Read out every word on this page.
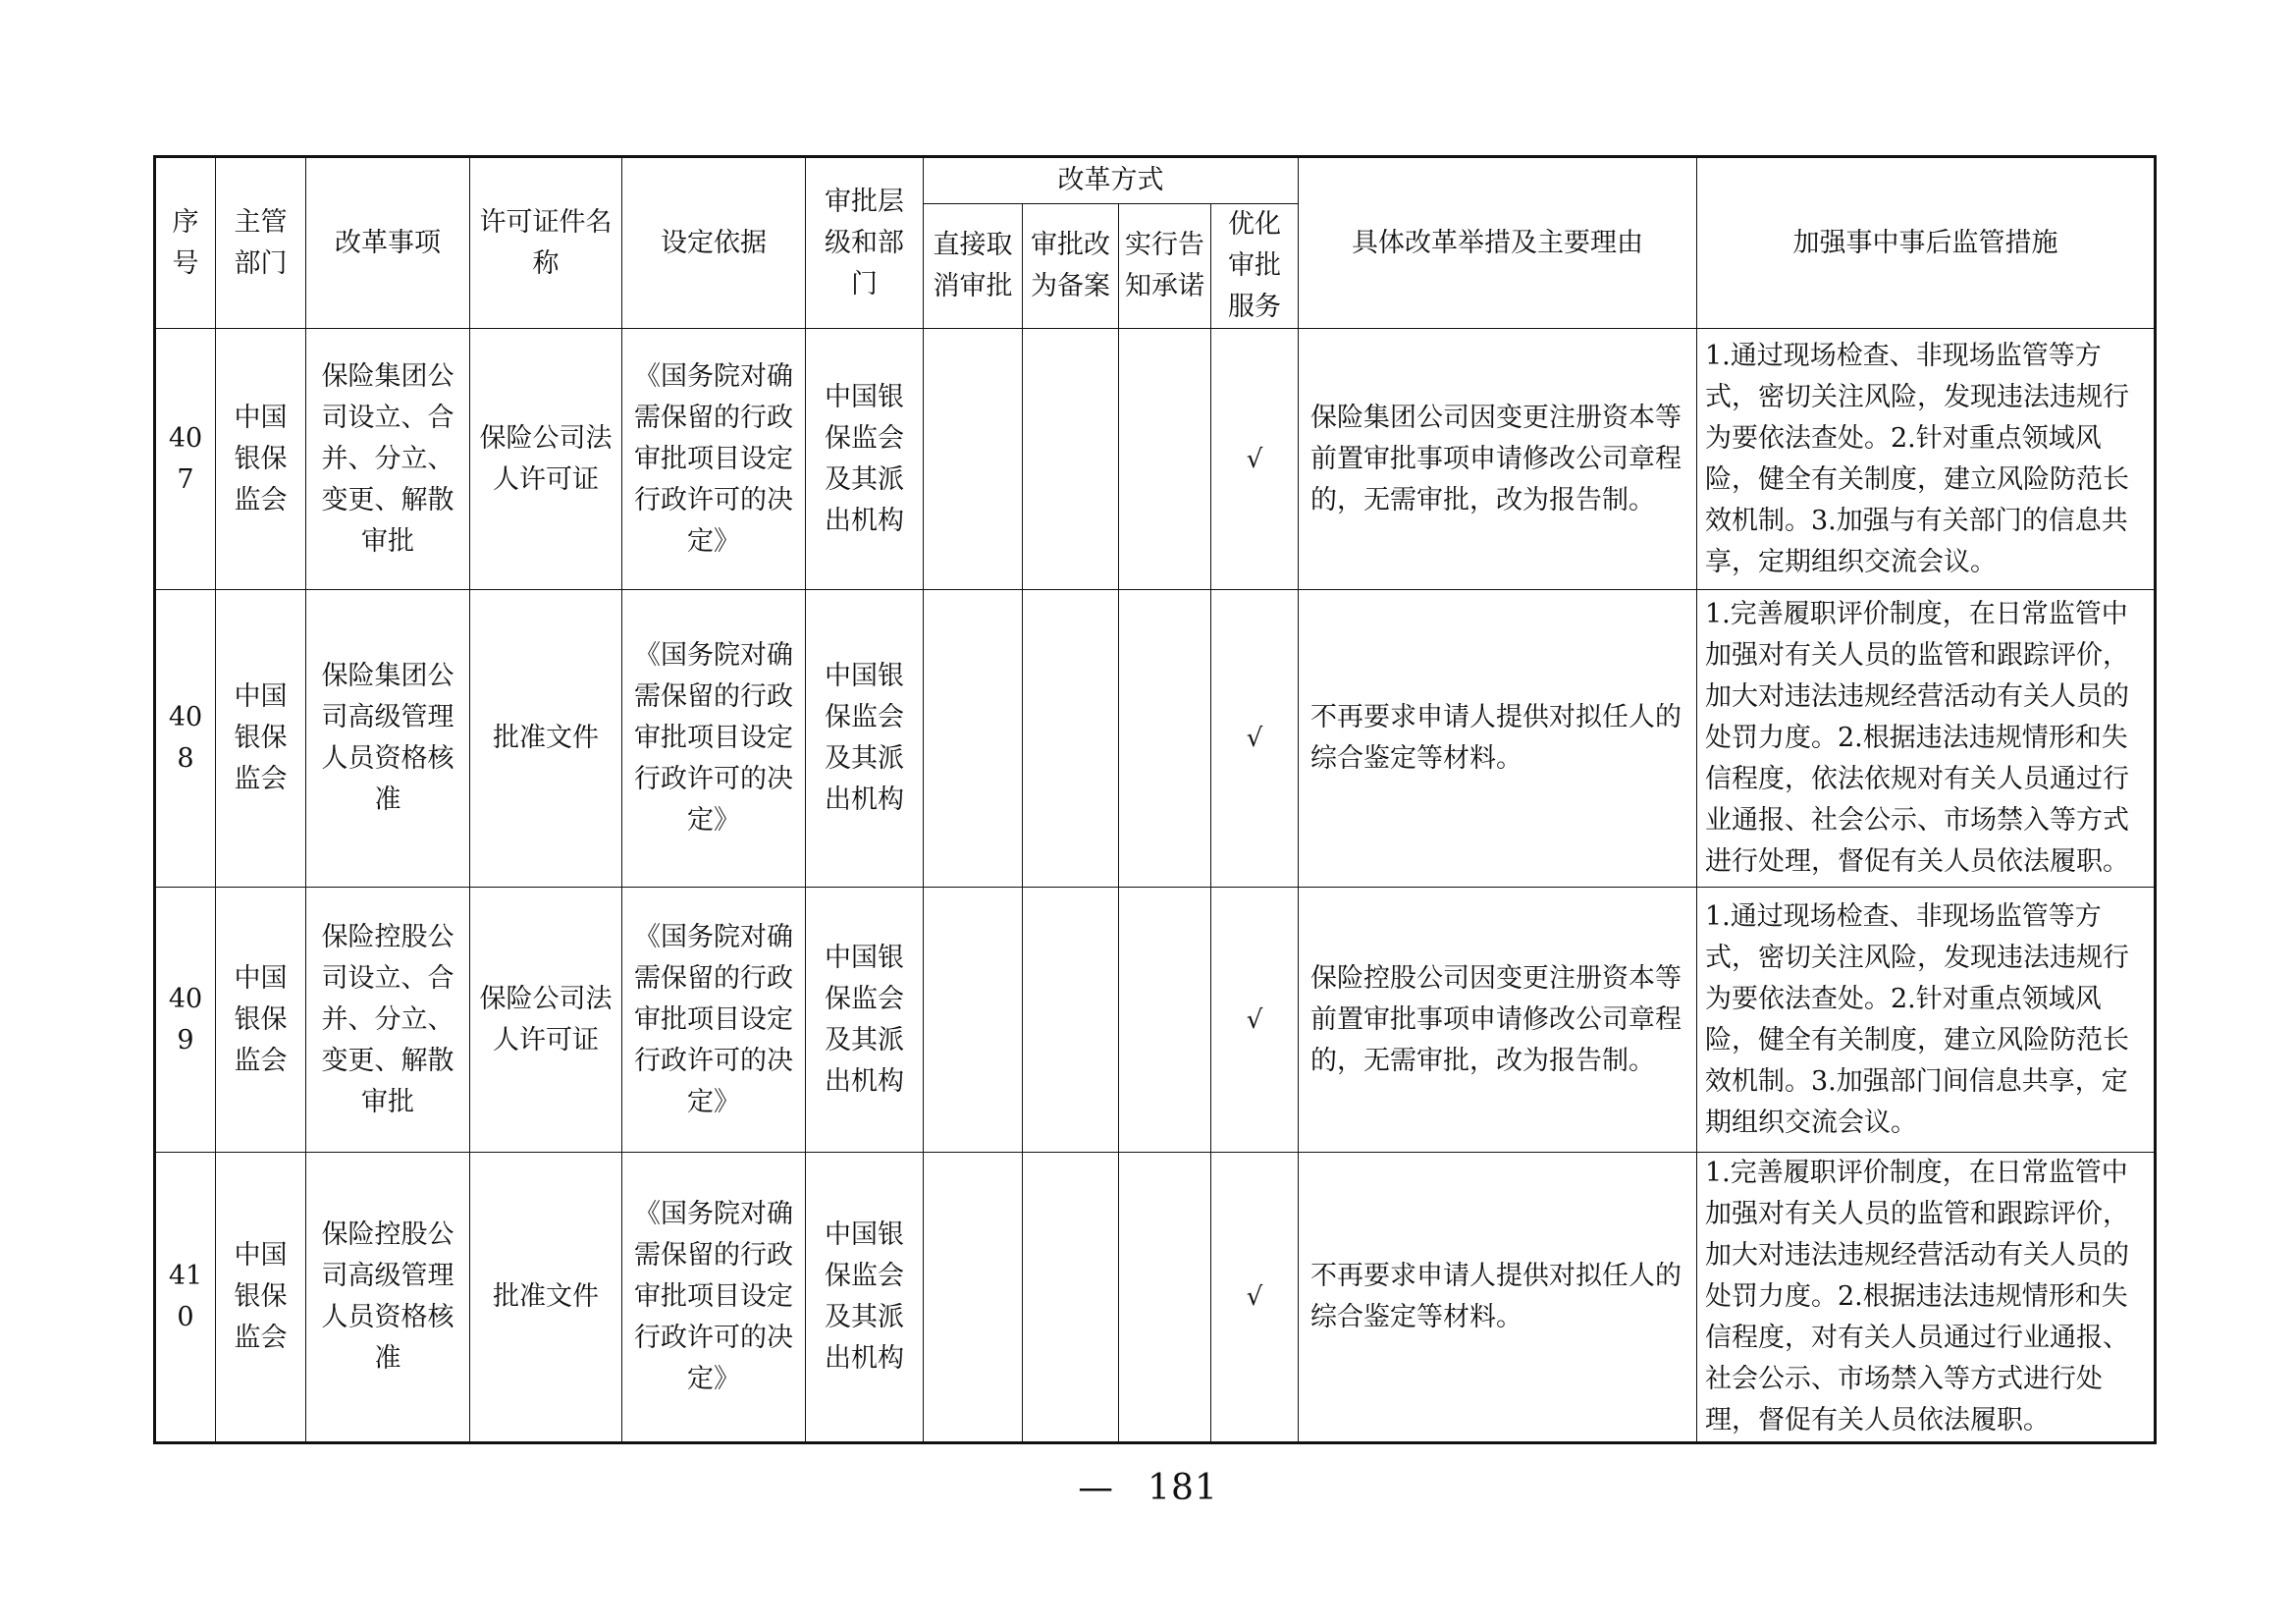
序号	主管部门	改革事项	许可证件名称	设定依据	审批层级和部门	改革方式				具体改革举措及主要理由	加强事中事后监管措施
						直接取消审批	审批改为备案	实行告知承诺	优化审批服务		
407	中国银保监会	保险集团公司设立、合并、分立、变更、解散审批	保险公司法人许可证	《国务院对确需保留的行政审批项目设定行政许可的决定》	中国银保监会及其派出机构				√	保险集团公司因变更注册资本等前置审批事项申请修改公司章程的，无需审批，改为报告制。	1.通过现场检查、非现场监管等方式，密切关注风险，发现违法违规行为要依法查处。2.针对重点领域风险，健全有关制度，建立风险防范长效机制。3.加强与有关部门的信息共享，定期组织交流会议。
408	中国银保监会	保险集团公司高级管理人员资格核准	批准文件	《国务院对确需保留的行政审批项目设定行政许可的决定》	中国银保监会及其派出机构				√	不再要求申请人提供对拟任人的综合鉴定等材料。	1.完善履职评价制度，在日常监管中加强对有关人员的监管和跟踪评价，加大对违法违规经营活动有关人员的处罚力度。2.根据违法违规情形和失信程度，依法依规对有关人员通过行业通报、社会公示、市场禁入等方式进行处理，督促有关人员依法履职。
409	中国银保监会	保险控股公司设立、合并、分立、变更、解散审批	保险公司法人许可证	《国务院对确需保留的行政审批项目设定行政许可的决定》	中国银保监会及其派出机构				√	保险控股公司因变更注册资本等前置审批事项申请修改公司章程的，无需审批，改为报告制。	1.通过现场检查、非现场监管等方式，密切关注风险，发现违法违规行为要依法查处。2.针对重点领域风险，健全有关制度，建立风险防范长效机制。3.加强部门间信息共享，定期组织交流会议。
410	中国银保监会	保险控股公司高级管理人员资格核准	批准文件	《国务院对确需保留的行政审批项目设定行政许可的决定》	中国银保监会及其派出机构				√	不再要求申请人提供对拟任人的综合鉴定等材料。	1.完善履职评价制度，在日常监管中加强对有关人员的监管和跟踪评价，加大对违法违规经营活动有关人员的处罚力度。2.根据违法违规情形和失信程度，对有关人员通过行业通报、社会公示、市场禁入等方式进行处理，督促有关人员依法履职。
— 181
